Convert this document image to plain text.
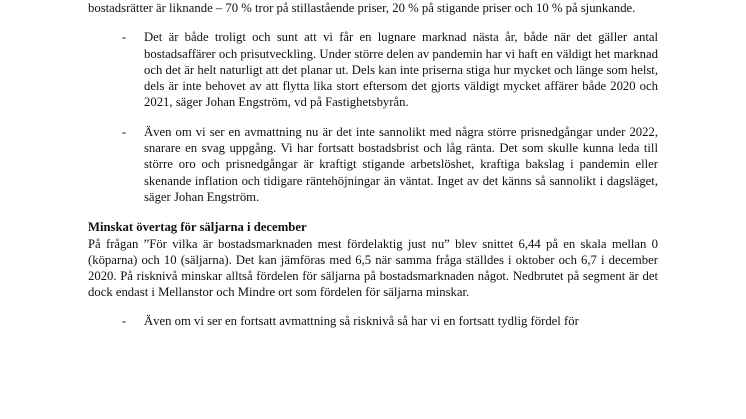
bostadsrätter är liknande – 70 % tror på stillastående priser, 20 % på stigande priser och 10 % på sjunkande.

-	Det är både troligt och sunt att vi får en lugnare marknad nästa år, både när det gäller antal bostadsaffärer och prisutveckling. Under större delen av pandemin har vi haft en väldigt het marknad och det är helt naturligt att det planar ut. Dels kan inte priserna stiga hur mycket och länge som helst, dels är inte behovet av att flytta lika stort eftersom det gjorts väldigt mycket affärer både 2020 och 2021, säger Johan Engström, vd på Fastighetsbyrån.
-	Även om vi ser en avmattning nu är det inte sannolikt med några större prisnedgångar under 2022, snarare en svag uppgång. Vi har fortsatt bostadsbrist och låg ränta. Det som skulle kunna leda till större oro och prisnedgångar är kraftigt stigande arbetslöshet, kraftiga bakslag i pandemin eller skenande inflation och tidigare räntehöjningar än väntat. Inget av det känns så sannolikt i dagsläget, säger Johan Engström.
Minskat övertag för säljarna i december
På frågan ”För vilka är bostadsmarknaden mest fördelaktig just nu” blev snittet 6,44 på en skala mellan 0 (köparna) och 10 (säljarna). Det kan jämföras med 6,5 när samma fråga ställdes i oktober och 6,7 i december 2020. På risknivå minskar alltså fördelen för säljarna på bostadsmarknaden något. Nedbrutet på segment är det dock endast i Mellanstor och Mindre ort som fördelen för säljarna minskar.
-	Även om vi ser en fortsatt avmattning så risknivå så har vi en fortsatt tydlig fördel för
